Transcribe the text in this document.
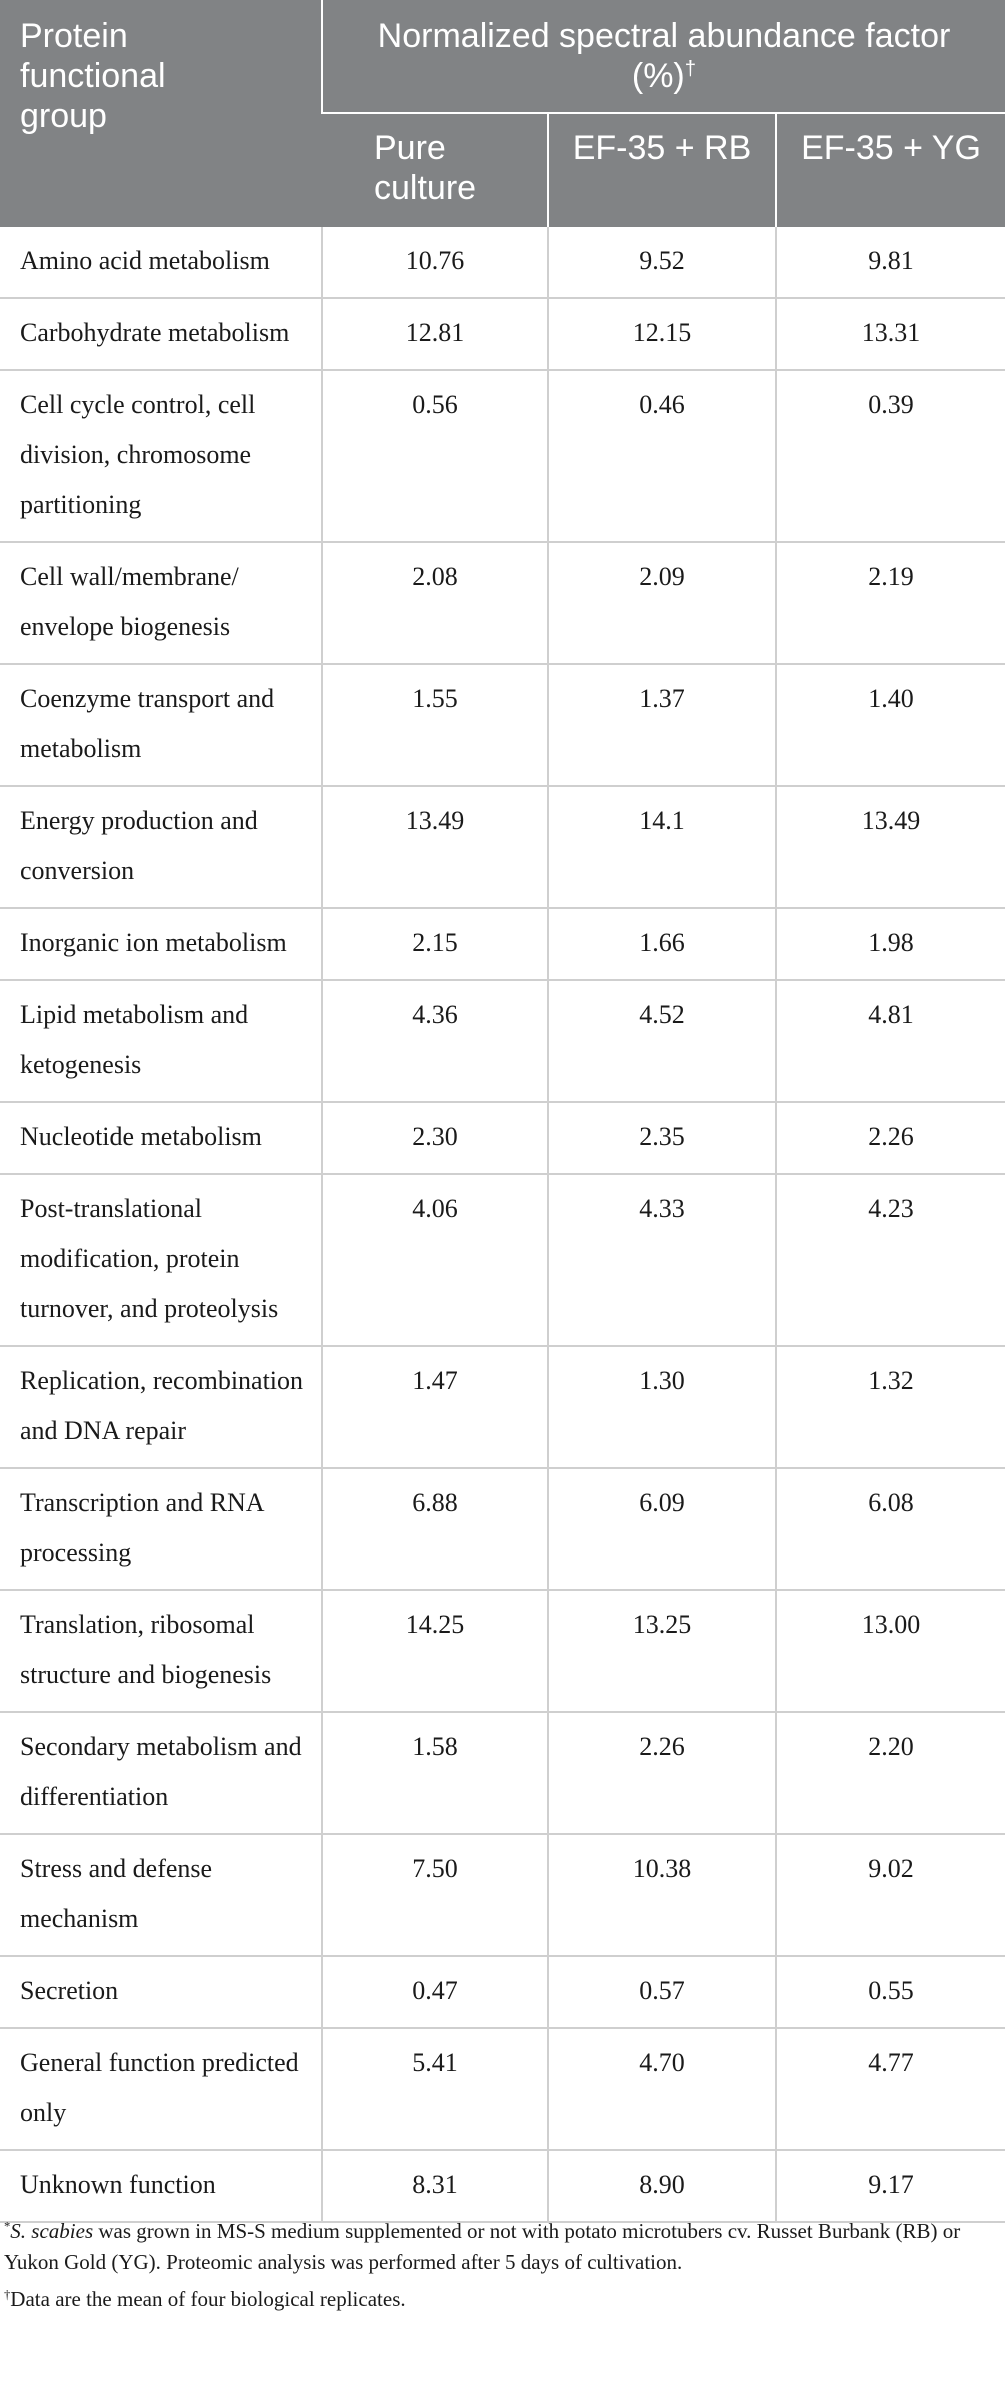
Protein functional group	Normalized spectral abundance factor (%)†

	Pure culture	EF-35 + RB	EF-35 + YG

Amino acid metabolism	10.76	9.52	9.81
Carbohydrate metabolism	12.81	12.15	13.31
Cell cycle control, cell division, chromosome partitioning	0.56	0.46	0.39
Cell wall/membrane/ envelope biogenesis	2.08	2.09	2.19
Coenzyme transport and metabolism	1.55	1.37	1.40
Energy production and conversion	13.49	14.1	13.49
Inorganic ion metabolism	2.15	1.66	1.98
Lipid metabolism and ketogenesis	4.36	4.52	4.81
Nucleotide metabolism	2.30	2.35	2.26
Post-translational modification, protein turnover, and proteolysis	4.06	4.33	4.23
Replication, recombination and DNA repair	1.47	1.30	1.32
Transcription and RNA processing	6.88	6.09	6.08
Translation, ribosomal structure and biogenesis	14.25	13.25	13.00
Secondary metabolism and differentiation	1.58	2.26	2.20
Stress and defense mechanism	7.50	10.38	9.02
Secretion	0.47	0.57	0.55
General function predicted only	5.41	4.70	4.77
Unknown function	8.31	8.90	9.17

*S. scabies was grown in MS-S medium supplemented or not with potato microtubers cv. Russet Burbank (RB) or Yukon Gold (YG). Proteomic analysis was performed after 5 days of cultivation.

†Data are the mean of four biological replicates.
